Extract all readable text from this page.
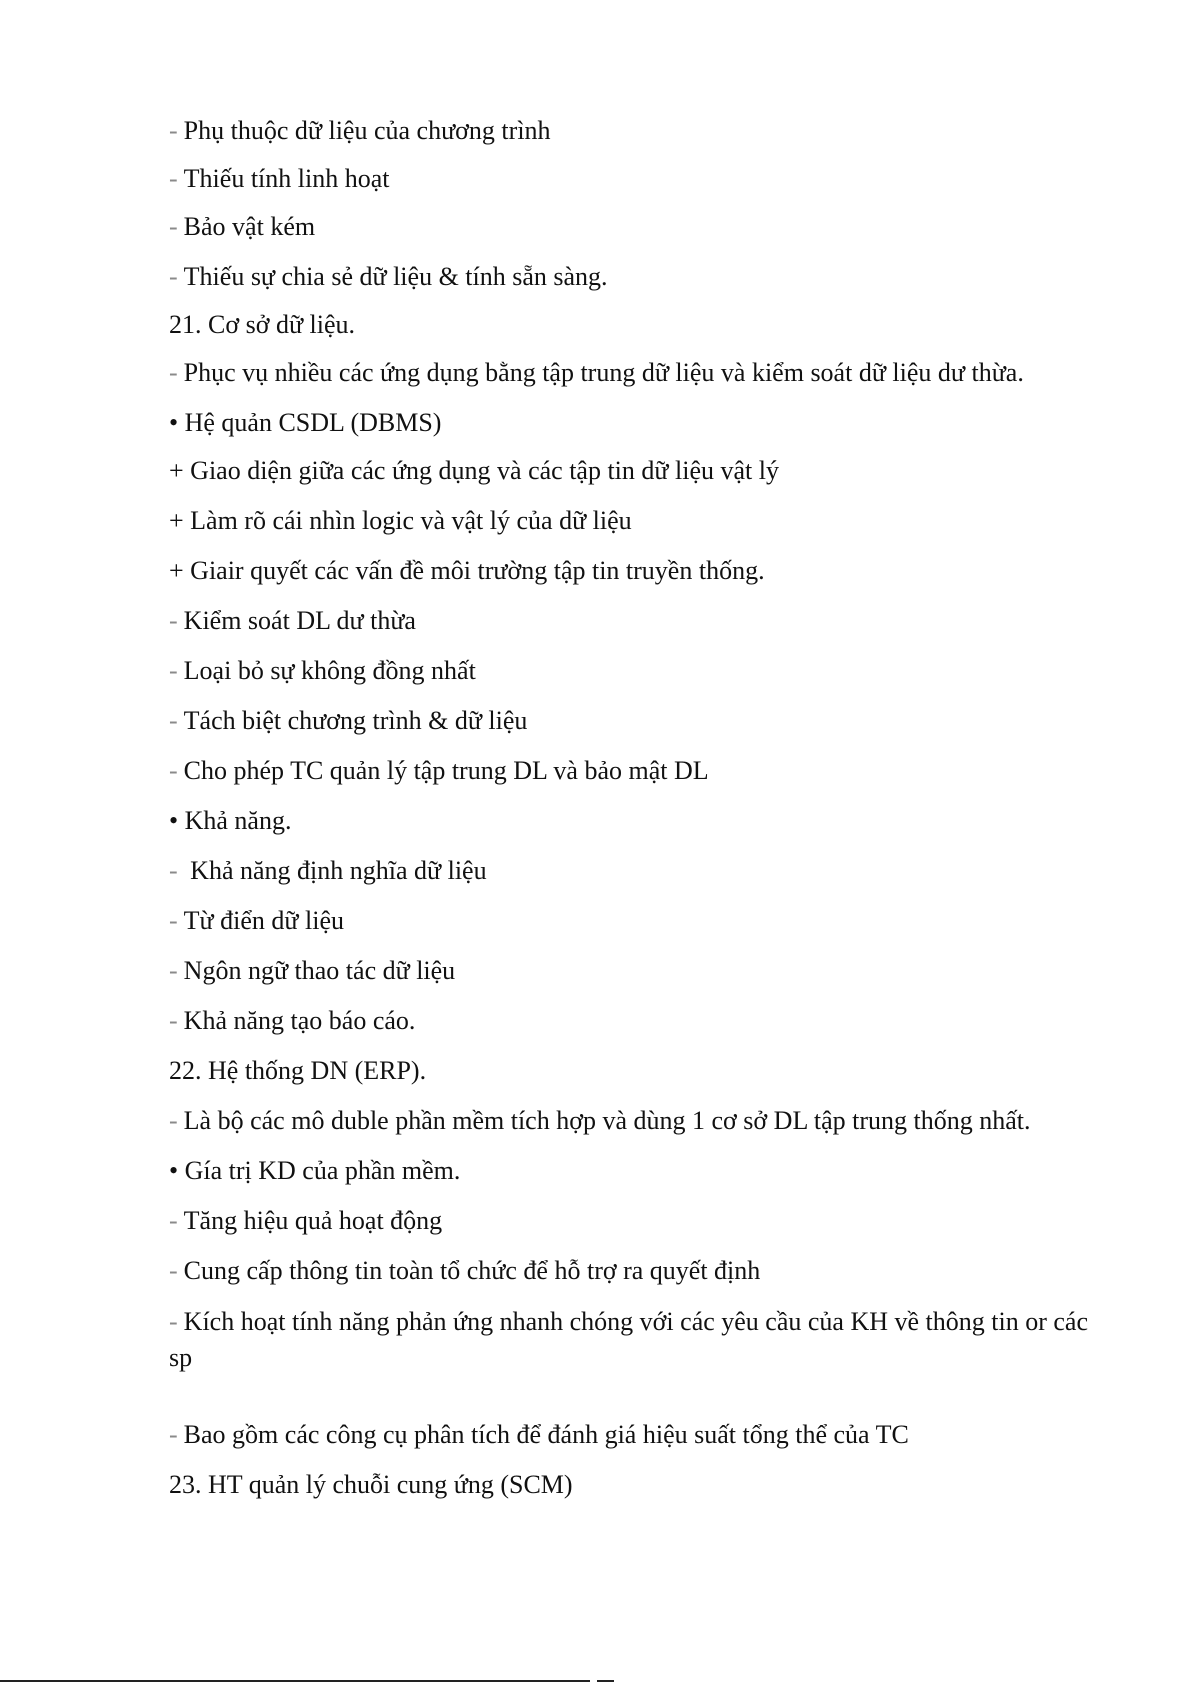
- Phụ thuộc dữ liệu của chương trình
- Thiếu tính linh hoạt
- Bảo vật kém
- Thiếu sự chia sẻ dữ liệu & tính sẵn sàng.
21. Cơ sở dữ liệu.
- Phục vụ nhiều các ứng dụng bằng tập trung dữ liệu và kiểm soát dữ liệu dư thừa.
• Hệ quản CSDL (DBMS)
+ Giao diện giữa các ứng dụng và các tập tin dữ liệu vật lý
+ Làm rõ cái nhìn logic và vật lý của dữ liệu
+ Giair quyết các vấn đề môi trường tập tin truyền thống.
- Kiểm soát DL dư thừa
- Loại bỏ sự không đồng nhất
- Tách biệt chương trình & dữ liệu
- Cho phép TC quản lý tập trung DL và bảo mật DL
• Khả năng.
- Khả năng định nghĩa dữ liệu
- Từ điển dữ liệu
- Ngôn ngữ thao tác dữ liệu
- Khả năng tạo báo cáo.
22. Hệ thống DN (ERP).
- Là bộ các mô duble phần mềm tích hợp và dùng 1 cơ sở DL tập trung thống nhất.
• Gía trị KD của phần mềm.
- Tăng hiệu quả hoạt động
- Cung cấp thông tin toàn tổ chức để hỗ trợ ra quyết định
- Kích hoạt tính năng phản ứng nhanh chóng với các yêu cầu của KH về thông tin or các sp
- Bao gồm các công cụ phân tích để đánh giá hiệu suất tổng thể của TC
23. HT quản lý chuỗi cung ứng (SCM)
